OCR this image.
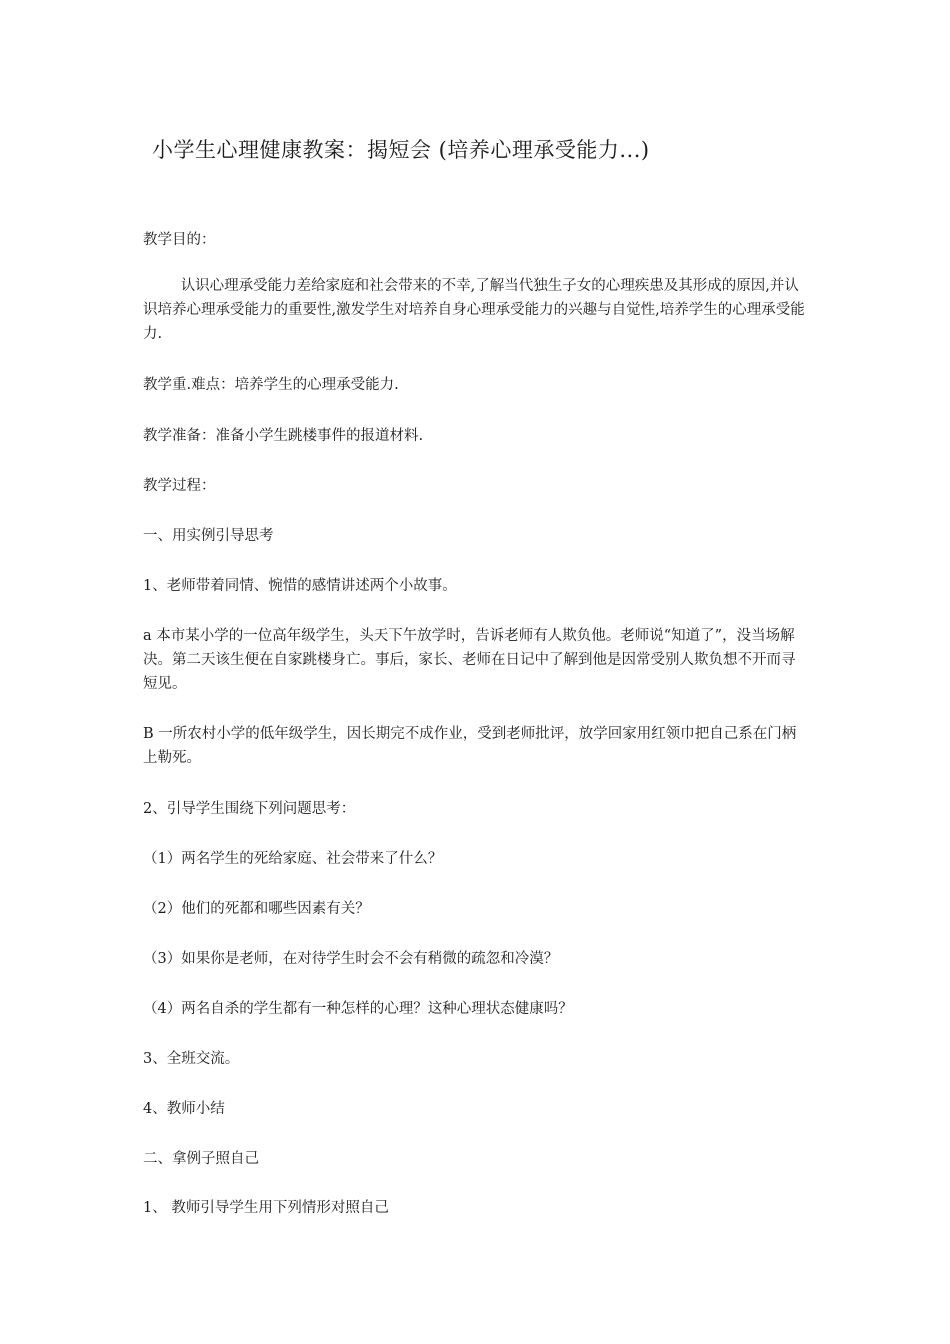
小学生心理健康教案：揭短会 (培养心理承受能力...)

教学目的：

认识心理承受能力差给家庭和社会带来的不幸,了解当代独生子女的心理疾患及其形成的原因,并认识培养心理承受能力的重要性,激发学生对培养自身心理承受能力的兴趣与自觉性,培养学生的心理承受能力.

教学重.难点：培养学生的心理承受能力.

教学准备：准备小学生跳楼事件的报道材料.

教学过程：

一、用实例引导思考

1、老师带着同情、惋惜的感情讲述两个小故事。

a 本市某小学的一位高年级学生，头天下午放学时，告诉老师有人欺负他。老师说“知道了”，没当场解决。第二天该生便在自家跳楼身亡。事后，家长、老师在日记中了解到他是因常受别人欺负想不开而寻短见。

B 一所农村小学的低年级学生，因长期完不成作业，受到老师批评，放学回家用红领巾把自己系在门柄上勒死。

2、引导学生围绕下列问题思考：

（1）两名学生的死给家庭、社会带来了什么？

（2）他们的死都和哪些因素有关？

（3）如果你是老师，在对待学生时会不会有稍微的疏忽和冷漠？

（4）两名自杀的学生都有一种怎样的心理？这种心理状态健康吗？

3、全班交流。

4、教师小结

二、拿例子照自己

1、 教师引导学生用下列情形对照自己
